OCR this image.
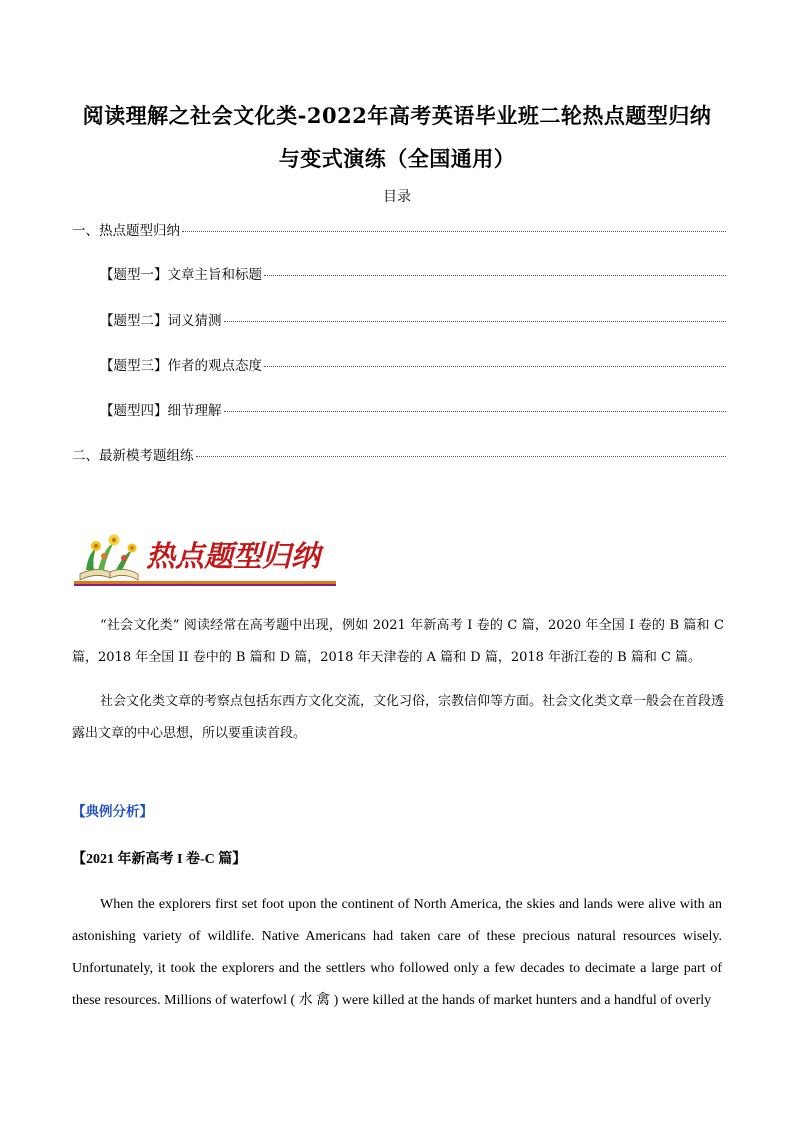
阅读理解之社会文化类-2022年高考英语毕业班二轮热点题型归纳
与变式演练（全国通用）
目录
一、热点题型归纳
【题型一】文章主旨和标题
【题型二】词义猜测
【题型三】作者的观点态度
【题型四】细节理解
二、最新模考题组练
热点题型归纳
“社会文化类” 阅读经常在高考题中出现，例如 2021 年新高考 I 卷的 C 篇，2020 年全国 I 卷的 B 篇和 C 篇，2018 年全国 II 卷中的 B 篇和 D 篇，2018 年天津卷的 A 篇和 D 篇，2018 年浙江卷的 B 篇和 C 篇。
社会文化类文章的考察点包括东西方文化交流，文化习俗，宗教信仰等方面。社会文化类文章一般会在首段透露出文章的中心思想，所以要重读首段。
【典例分析】
【2021 年新高考 I 卷-C 篇】
When the explorers first set foot upon the continent of North America, the skies and lands were alive with an astonishing variety of wildlife. Native Americans had taken care of these precious natural resources wisely. Unfortunately, it took the explorers and the settlers who followed only a few decades to decimate a large part of these resources. Millions of waterfowl ( 水 禽 ) were killed at the hands of market hunters and a handful of overly
